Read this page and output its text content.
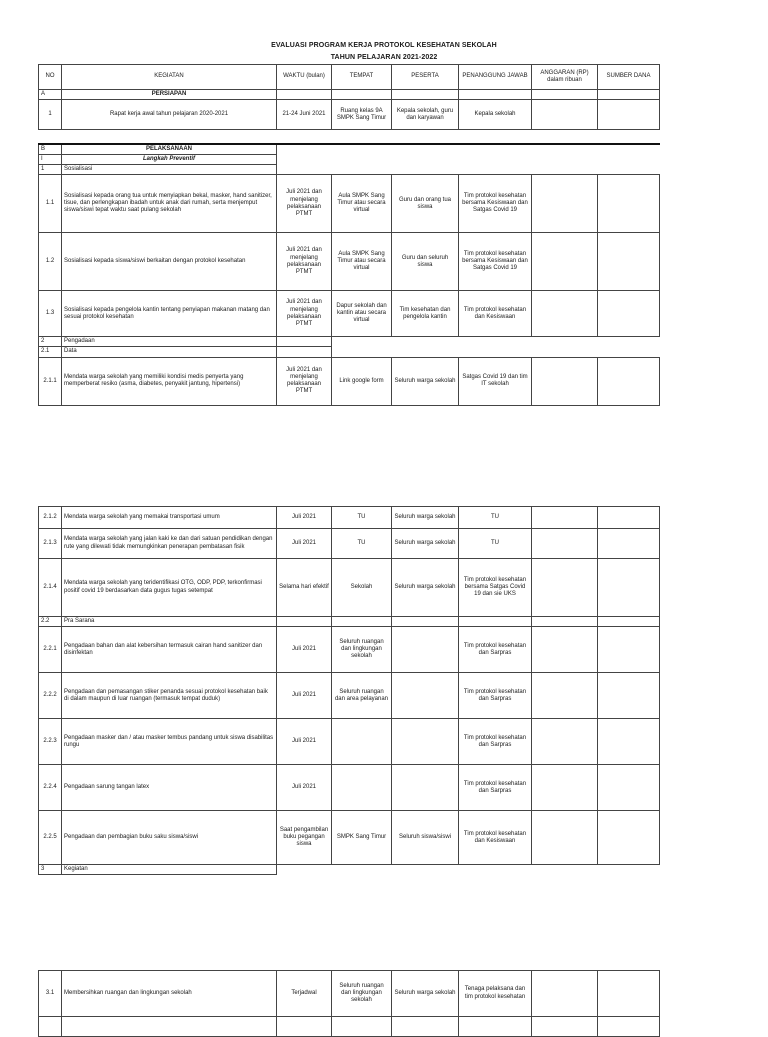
EVALUASI PROGRAM KERJA PROTOKOL KESEHATAN SEKOLAH
TAHUN PELAJARAN 2021-2022
NO	KEGIATAN	WAKTU (bulan)	TEMPAT	PESERTA	PENANGGUNG JAWAB	ANGGARAN (RP) dalam ribuan	SUMBER DANA
A	PERSIAPAN						
1	Rapat kerja awal tahun pelajaran 2020-2021	21-24 Juni 2021	Ruang kelas 9A SMPK Sang Timur	Kepala sekolah, guru dan karyawan	Kepala sekolah		

B	PELAKSANAAN						
I	Langkah Preventif						
1	Sosialisasi						
1.1	Sosialisasi kepada orang tua untuk menyiapkan bekal, masker, hand sanitizer, tisue, dan perlengkapan ibadah untuk anak dari rumah, serta menjemput siswa/siswi tepat waktu saat pulang sekolah	Juli 2021 dan menjelang pelaksanaan PTMT	Aula SMPK Sang Timur atau secara virtual	Guru dan orang tua siswa	Tim protokol kesehatan bersama Kesiswaan dan Satgas Covid 19		
1.2	Sosialisasi kepada siswa/siswi berkaitan dengan protokol kesehatan	Juli 2021 dan menjelang pelaksanaan PTMT	Aula SMPK Sang Timur atau secara virtual	Guru dan seluruh siswa	Tim protokol kesehatan bersama Kesiswaan dan Satgas Covid 19		
1.3	Sosialisasi kepada pengelola kantin tentang penyiapan makanan matang dan sesuai protokol kesehatan	Juli 2021 dan menjelang pelaksanaan PTMT	Dapur sekolah dan kantin atau secara virtual	Tim kesehatan dan pengelola kantin	Tim protokol kesehatan dan Kesiswaan		
2	Pengadaan						
2.1	Data						
2.1.1	Mendata warga sekolah yang memiliki kondisi medis penyerta yang memperberat resiko (asma, diabetes, penyakit jantung, hipertensi)	Juli 2021 dan menjelang pelaksanaan PTMT	Link google form	Seluruh warga sekolah	Satgas Covid 19 dan tim IT sekolah		
2.1.2	Mendata warga sekolah yang memakai transportasi umum	Juli 2021	TU	Seluruh warga sekolah	TU		
2.1.3	Mendata warga sekolah yang jalan kaki ke dan dari satuan pendidikan dengan rute yang dilewati tidak memungkinkan penerapan pembatasan fisik	Juli 2021	TU	Seluruh warga sekolah	TU		
2.1.4	Mendata warga sekolah yang teridentifikasi OTG, ODP, PDP, terkonfirmasi positif covid 19 berdasarkan data gugus tugas setempat	Selama hari efektif	Sekolah	Seluruh warga sekolah	Tim protokol kesehatan bersama Satgas Covid 19 dan sie UKS		
2.2	Pra Sarana						
2.2.1	Pengadaan bahan dan alat kebersihan termasuk cairan hand sanitizer dan disinfektan	Juli 2021	Seluruh ruangan dan lingkungan sekolah		Tim protokol kesehatan dan Sarpras		
2.2.2	Pengadaan dan pemasangan stiker penanda sesuai protokol kesehatan baik di dalam maupun di luar ruangan (termasuk tempat duduk)	Juli 2021	Seluruh ruangan dan area pelayanan		Tim protokol kesehatan dan Sarpras		
2.2.3	Pengadaan masker dan / atau masker tembus pandang untuk siswa disabilitas rungu	Juli 2021			Tim protokol kesehatan dan Sarpras		
2.2.4	Pengadaan sarung tangan latex	Juli 2021			Tim protokol kesehatan dan Sarpras		
2.2.5	Pengadaan dan pembagian buku saku siswa/siswi	Saat pengambilan buku pegangan siswa	SMPK Sang Timur	Seluruh siswa/siswi	Tim protokol kesehatan dan Kesiswaan		
3	Kegiatan						
3.1	Membersihkan ruangan dan lingkungan sekolah	Terjadwal	Seluruh ruangan dan lingkungan sekolah	Seluruh warga sekolah	Tenaga pelaksana dan tim protokol kesehatan		
